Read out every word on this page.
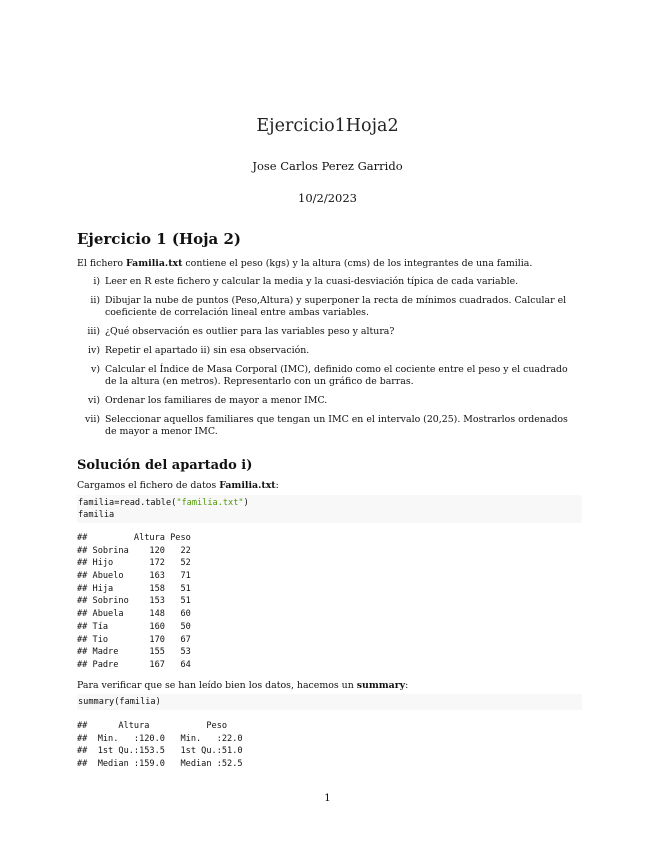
Ejercicio1Hoja2
Jose Carlos Perez Garrido
10/2/2023
Ejercicio 1 (Hoja 2)
El fichero Familia.txt contiene el peso (kgs) y la altura (cms) de los integrantes de una familia.
i) Leer en R este fichero y calcular la media y la cuasi-desviación típica de cada variable.
ii) Dibujar la nube de puntos (Peso,Altura) y superponer la recta de mínimos cuadrados. Calcular el coeficiente de correlación lineal entre ambas variables.
iii) ¿Qué observación es outlier para las variables peso y altura?
iv) Repetir el apartado ii) sin esa observación.
v) Calcular el Índice de Masa Corporal (IMC), definido como el cociente entre el peso y el cuadrado de la altura (en metros). Representarlo con un gráfico de barras.
vi) Ordenar los familiares de mayor a menor IMC.
vii) Seleccionar aquellos familiares que tengan un IMC en el intervalo (20,25). Mostrarlos ordenados de mayor a menor IMC.
Solución del apartado i)
Cargamos el fichero de datos Familia.txt:
familia=read.table("familia.txt")
familia
##         Altura Peso
## Sobrina    120   22
## Hijo       172   52
## Abuelo     163   71
## Hija       158   51
## Sobrino    153   51
## Abuela     148   60
## Tía        160   50
## Tio        170   67
## Madre      155   53
## Padre      167   64
Para verificar que se han leído bien los datos, hacemos un summary:
summary(familia)
##      Altura           Peso
##  Min.   :120.0   Min.   :22.0
##  1st Qu.:153.5   1st Qu.:51.0
##  Median :159.0   Median :52.5
1
